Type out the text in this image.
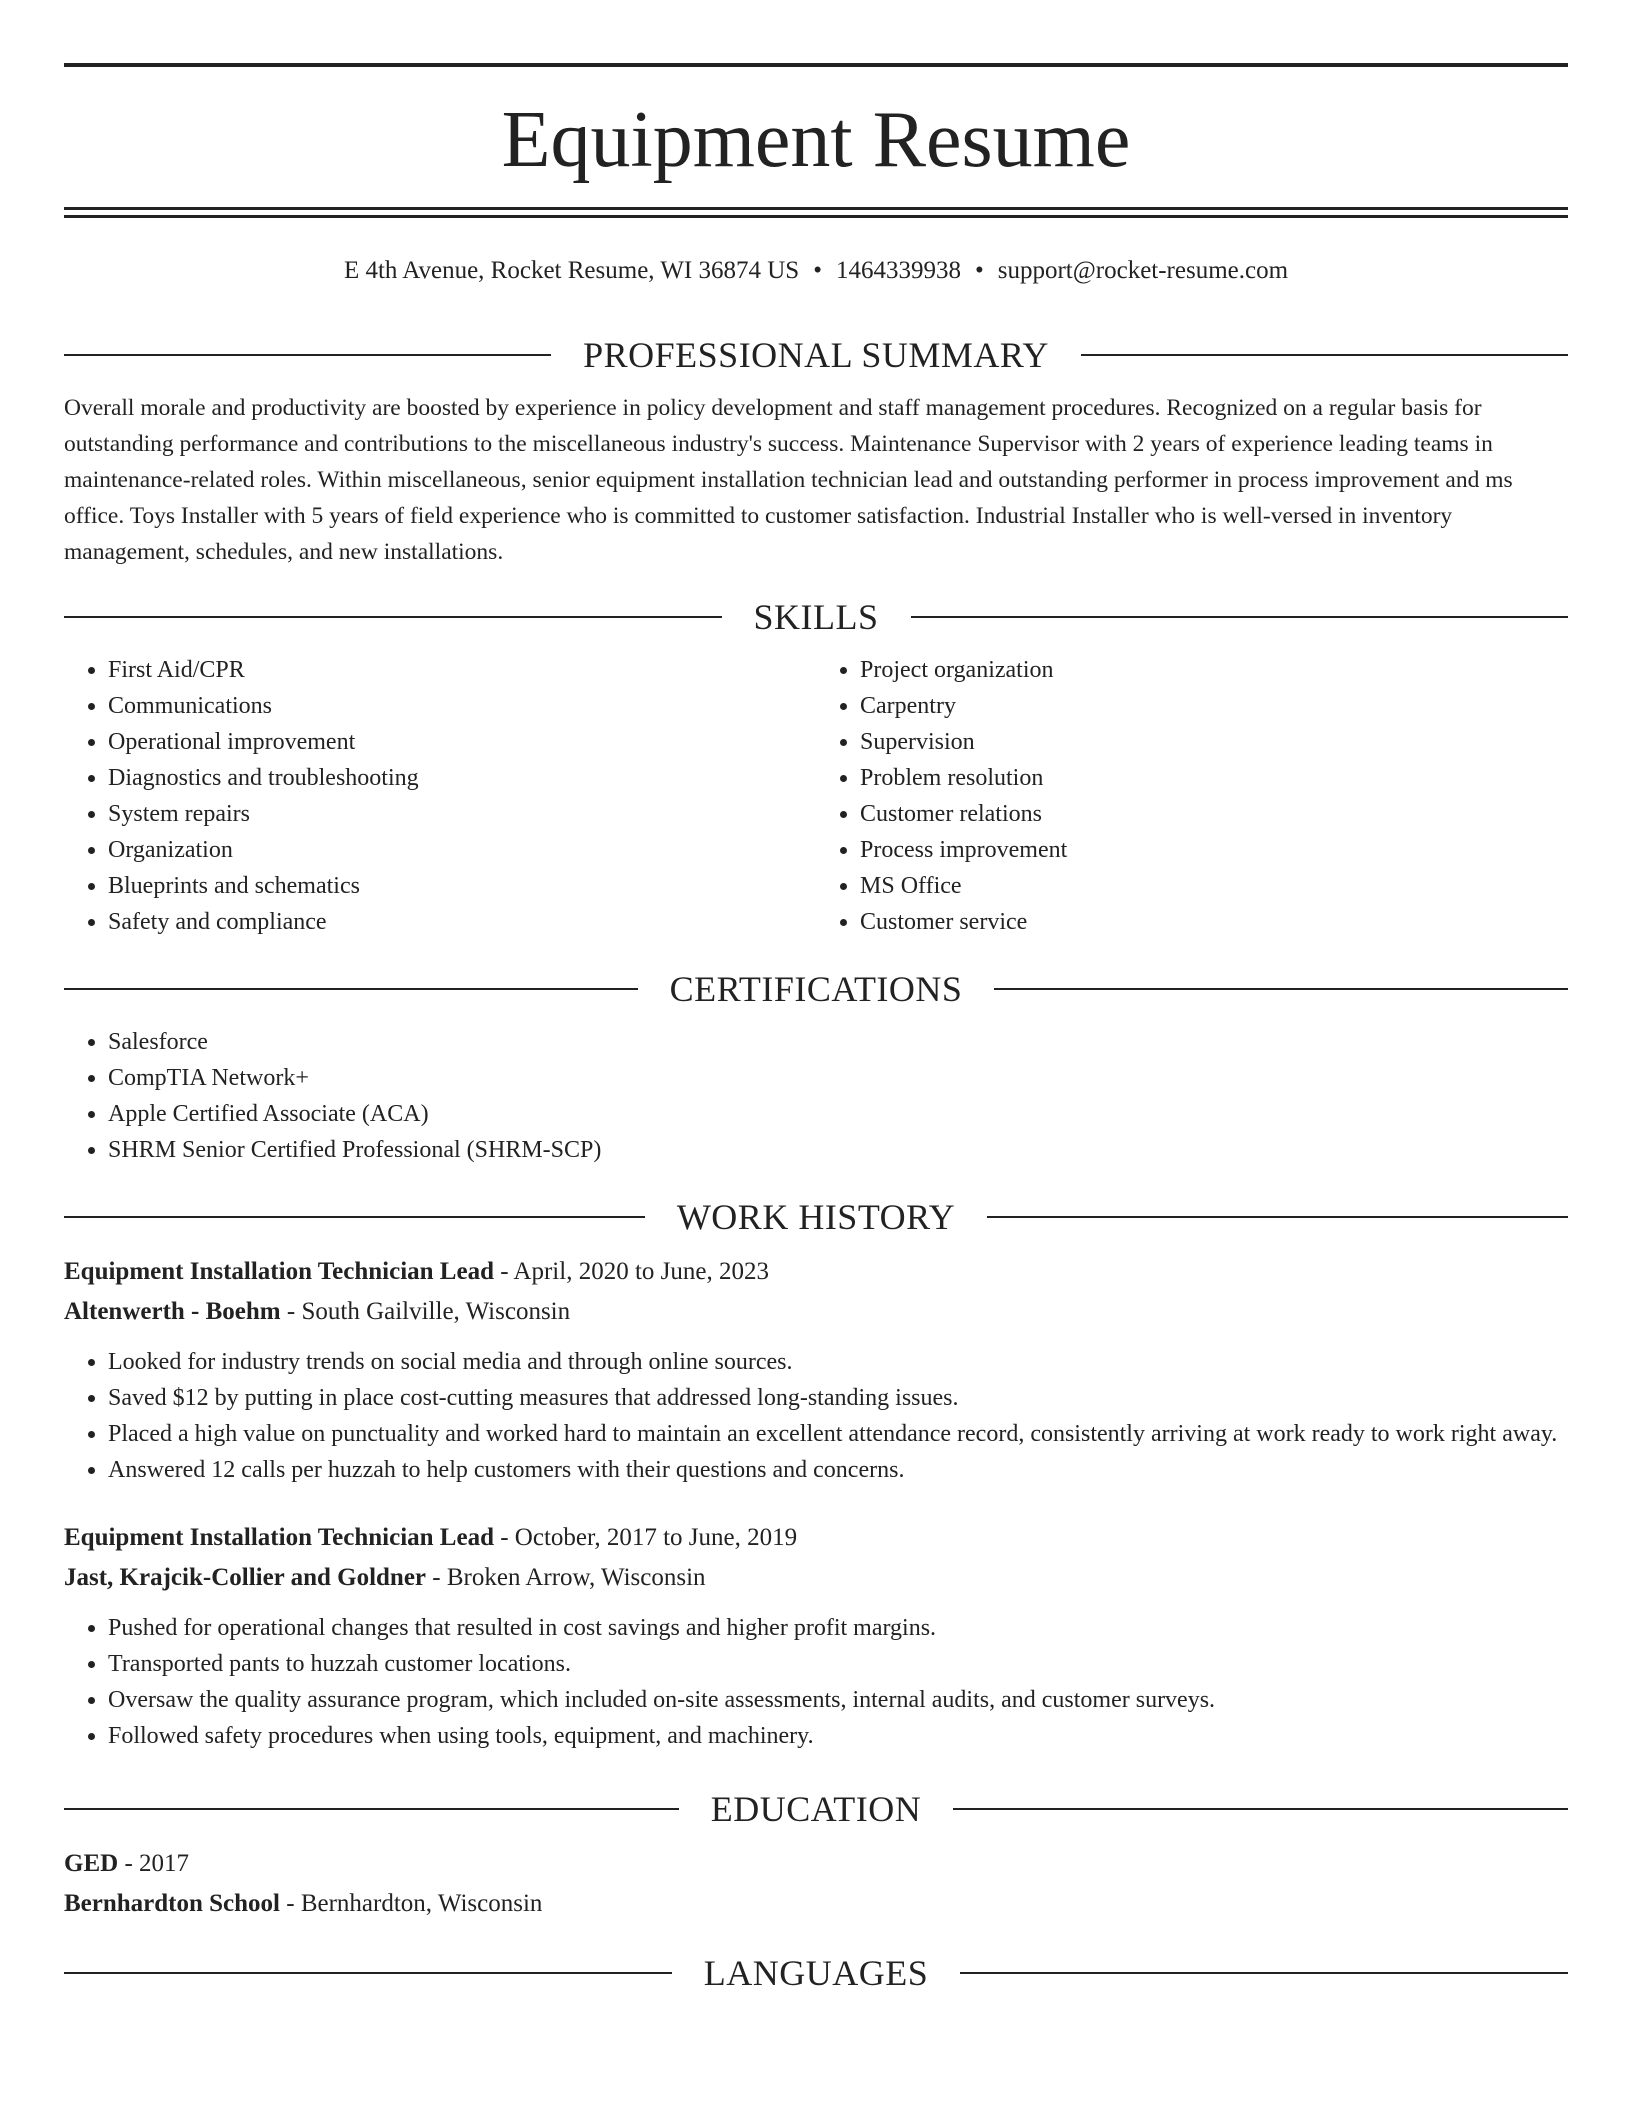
Equipment Resume
E 4th Avenue, Rocket Resume, WI 36874 US • 1464339938 • support@rocket-resume.com
PROFESSIONAL SUMMARY

Overall morale and productivity are boosted by experience in policy development and staff management procedures. Recognized on a regular basis for outstanding performance and contributions to the miscellaneous industry's success. Maintenance Supervisor with 2 years of experience leading teams in maintenance-related roles. Within miscellaneous, senior equipment installation technician lead and outstanding performer in process improvement and ms office. Toys Installer with 5 years of field experience who is committed to customer satisfaction. Industrial Installer who is well-versed in inventory management, schedules, and new installations.

SKILLS
• First Aid/CPR
• Communications
• Operational improvement
• Diagnostics and troubleshooting
• System repairs
• Organization
• Blueprints and schematics
• Safety and compliance
• Project organization
• Carpentry
• Supervision
• Problem resolution
• Customer relations
• Process improvement
• MS Office
• Customer service
CERTIFICATIONS
• Salesforce
• CompTIA Network+
• Apple Certified Associate (ACA)
• SHRM Senior Certified Professional (SHRM-SCP)
WORK HISTORY
Equipment Installation Technician Lead - April, 2020 to June, 2023
Altenwerth - Boehm - South Gailville, Wisconsin
• Looked for industry trends on social media and through online sources.
• Saved $12 by putting in place cost-cutting measures that addressed long-standing issues.
• Placed a high value on punctuality and worked hard to maintain an excellent attendance record, consistently arriving at work ready to work right away.
• Answered 12 calls per huzzah to help customers with their questions and concerns.
Equipment Installation Technician Lead - October, 2017 to June, 2019
Jast, Krajcik-Collier and Goldner - Broken Arrow, Wisconsin
• Pushed for operational changes that resulted in cost savings and higher profit margins.
• Transported pants to huzzah customer locations.
• Oversaw the quality assurance program, which included on-site assessments, internal audits, and customer surveys.
• Followed safety procedures when using tools, equipment, and machinery.
EDUCATION
GED - 2017
Bernhardton School - Bernhardton, Wisconsin
LANGUAGES
